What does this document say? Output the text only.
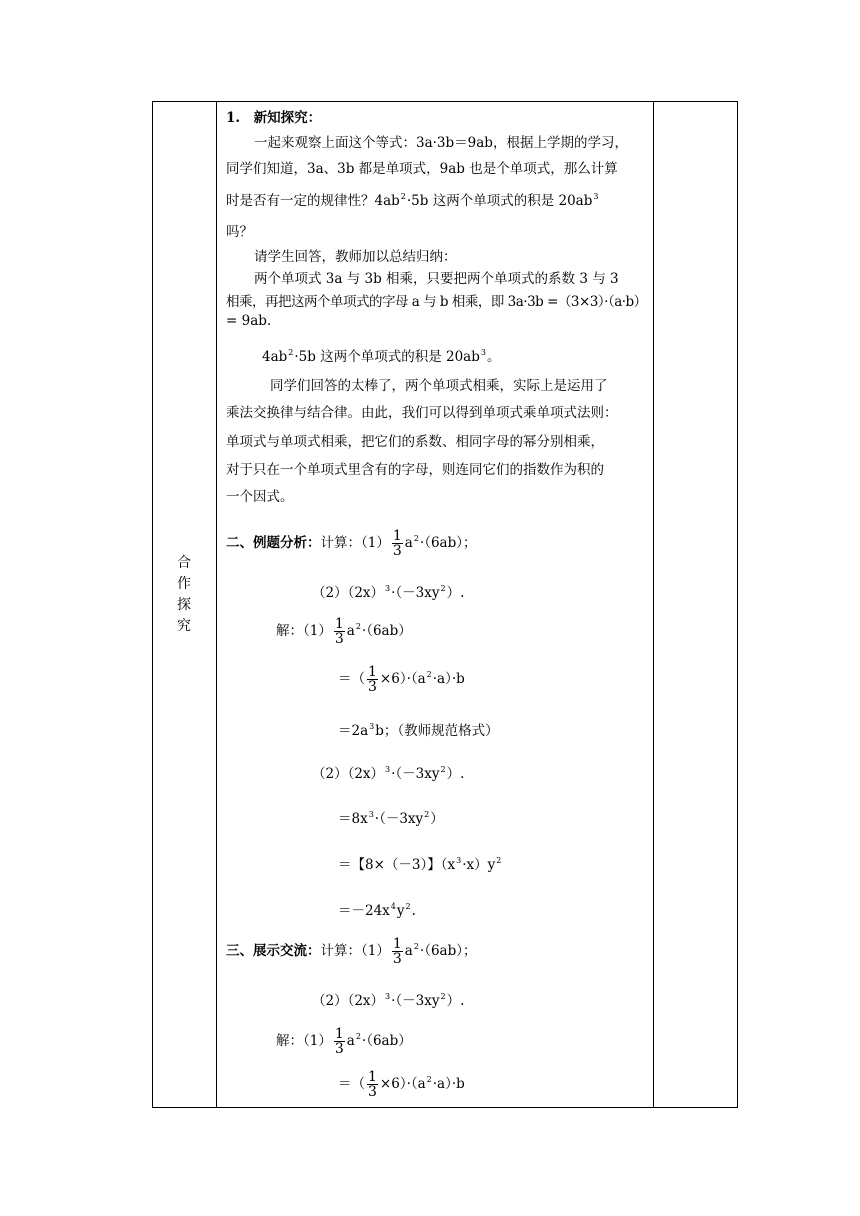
合
作
探
究
1.　新知探究：
一起来观察上面这个等式：3a·3b＝9ab，根据上学期的学习，
同学们知道，3a、3b 都是单项式，9ab 也是个单项式，那么计算
时是否有一定的规律性？$4ab^2\cdot 5b$ 这两个单项式的积是 $20ab^3$
吗？
请学生回答，教师加以总结归纳：
两个单项式 3a 与 3b 相乘，只要把两个单项式的系数 3 与 3
相乘，再把这两个单项式的字母 a 与 b 相乘，即 3a·3b =（3×3）·（a·b）
= 9ab.
$4ab^2\cdot 5b$ 这两个单项式的积是 $20ab^3$。
同学们回答的太棒了，两个单项式相乘，实际上是运用了
乘法交换律与结合律。由此，我们可以得到单项式乘单项式法则：
单项式与单项式相乘，把它们的系数、相同字母的幂分别相乘，
对于只在一个单项式里含有的字母，则连同它们的指数作为积的
一个因式。
二、例题分析：计算：$(1) \frac{1}{3} a^2\cdot(6ab)$；
$(2)(2x)^3\cdot(-3xy^2)$.
解：$(1) \frac{1}{3} a^2\cdot(6ab)$
＝（ $\frac{1}{3} \times 6)\cdot(a^2\cdot a)\cdot b$
$=2a^3b$；（教师规范格式）
$(2)(2x)^3\cdot(-3xy^2)$.
$=8x^3\cdot(-3xy^2)$
＝【8×（－3）】$(x^3\cdot x)y^2$
$=-24x^4y^2$.
三、展示交流：计算：$(1) \frac{1}{3} a^2\cdot(6ab)$；
$(2)(2x)^3\cdot(-3xy^2)$.
解：$(1) \frac{1}{3} a^2\cdot(6ab)$
＝（ $\frac{1}{3} \times 6)\cdot(a^2\cdot a)\cdot b$
